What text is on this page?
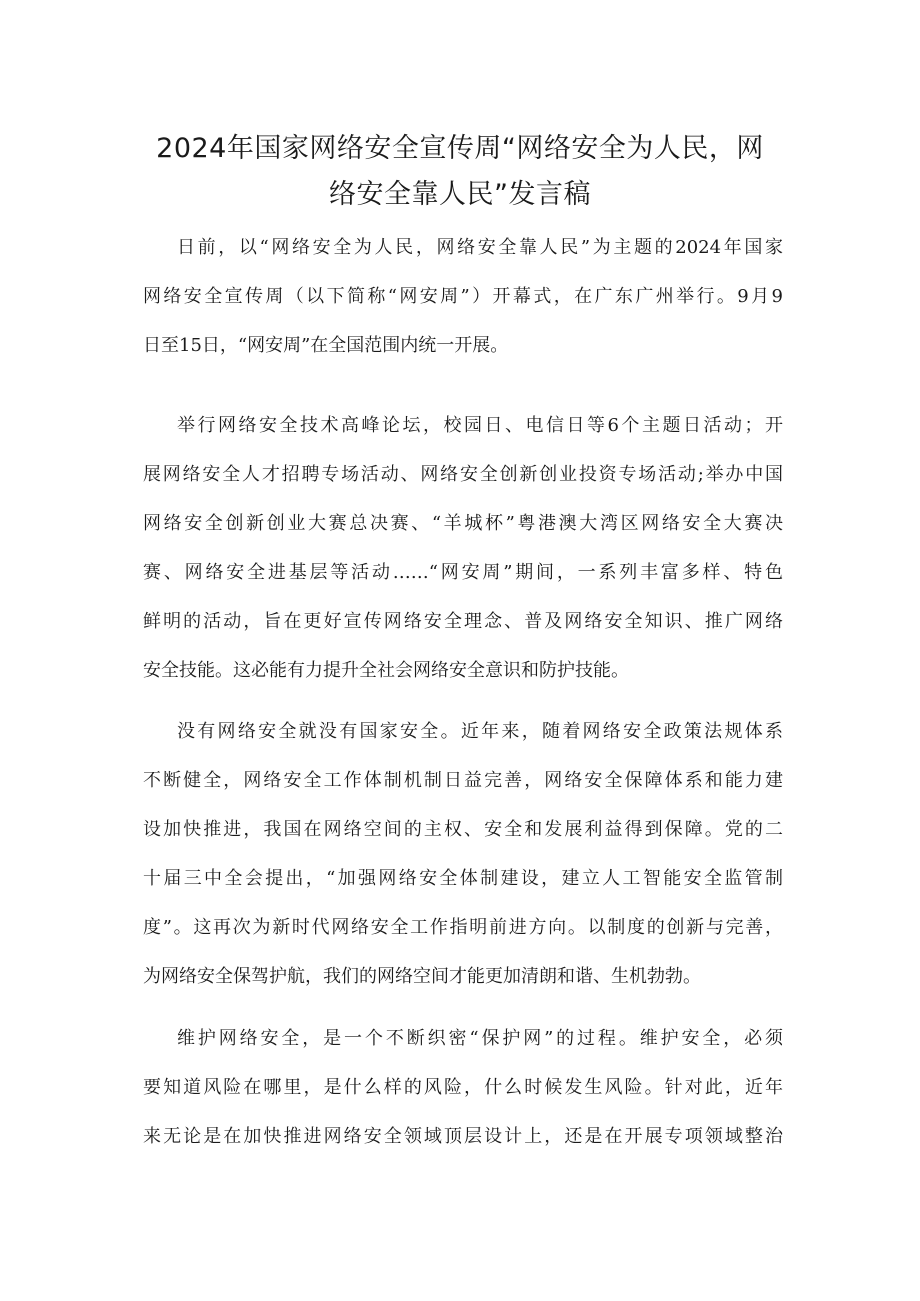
2024年国家网络安全宣传周“网络安全为人民，网
络安全靠人民”发言稿

日前，以“网络安全为人民，网络安全靠人民”为主题的2024年国家
网络安全宣传周（以下简称“网安周”）开幕式，在广东广州举行。9月9
日至15日，“网安周”在全国范围内统一开展。

举行网络安全技术高峰论坛，校园日、电信日等6个主题日活动；开
展网络安全人才招聘专场活动、网络安全创新创业投资专场活动;举办中国
网络安全创新创业大赛总决赛、“羊城杯”粤港澳大湾区网络安全大赛决
赛、网络安全进基层等活动……“网安周”期间，一系列丰富多样、特色
鲜明的活动，旨在更好宣传网络安全理念、普及网络安全知识、推广网络
安全技能。这必能有力提升全社会网络安全意识和防护技能。

没有网络安全就没有国家安全。近年来，随着网络安全政策法规体系
不断健全，网络安全工作体制机制日益完善，网络安全保障体系和能力建
设加快推进，我国在网络空间的主权、安全和发展利益得到保障。党的二
十届三中全会提出，“加强网络安全体制建设，建立人工智能安全监管制
度”。这再次为新时代网络安全工作指明前进方向。以制度的创新与完善，
为网络安全保驾护航，我们的网络空间才能更加清朗和谐、生机勃勃。

维护网络安全，是一个不断织密“保护网”的过程。维护安全，必须
要知道风险在哪里，是什么样的风险，什么时候发生风险。针对此，近年
来无论是在加快推进网络安全领域顶层设计上，还是在开展专项领域整治
